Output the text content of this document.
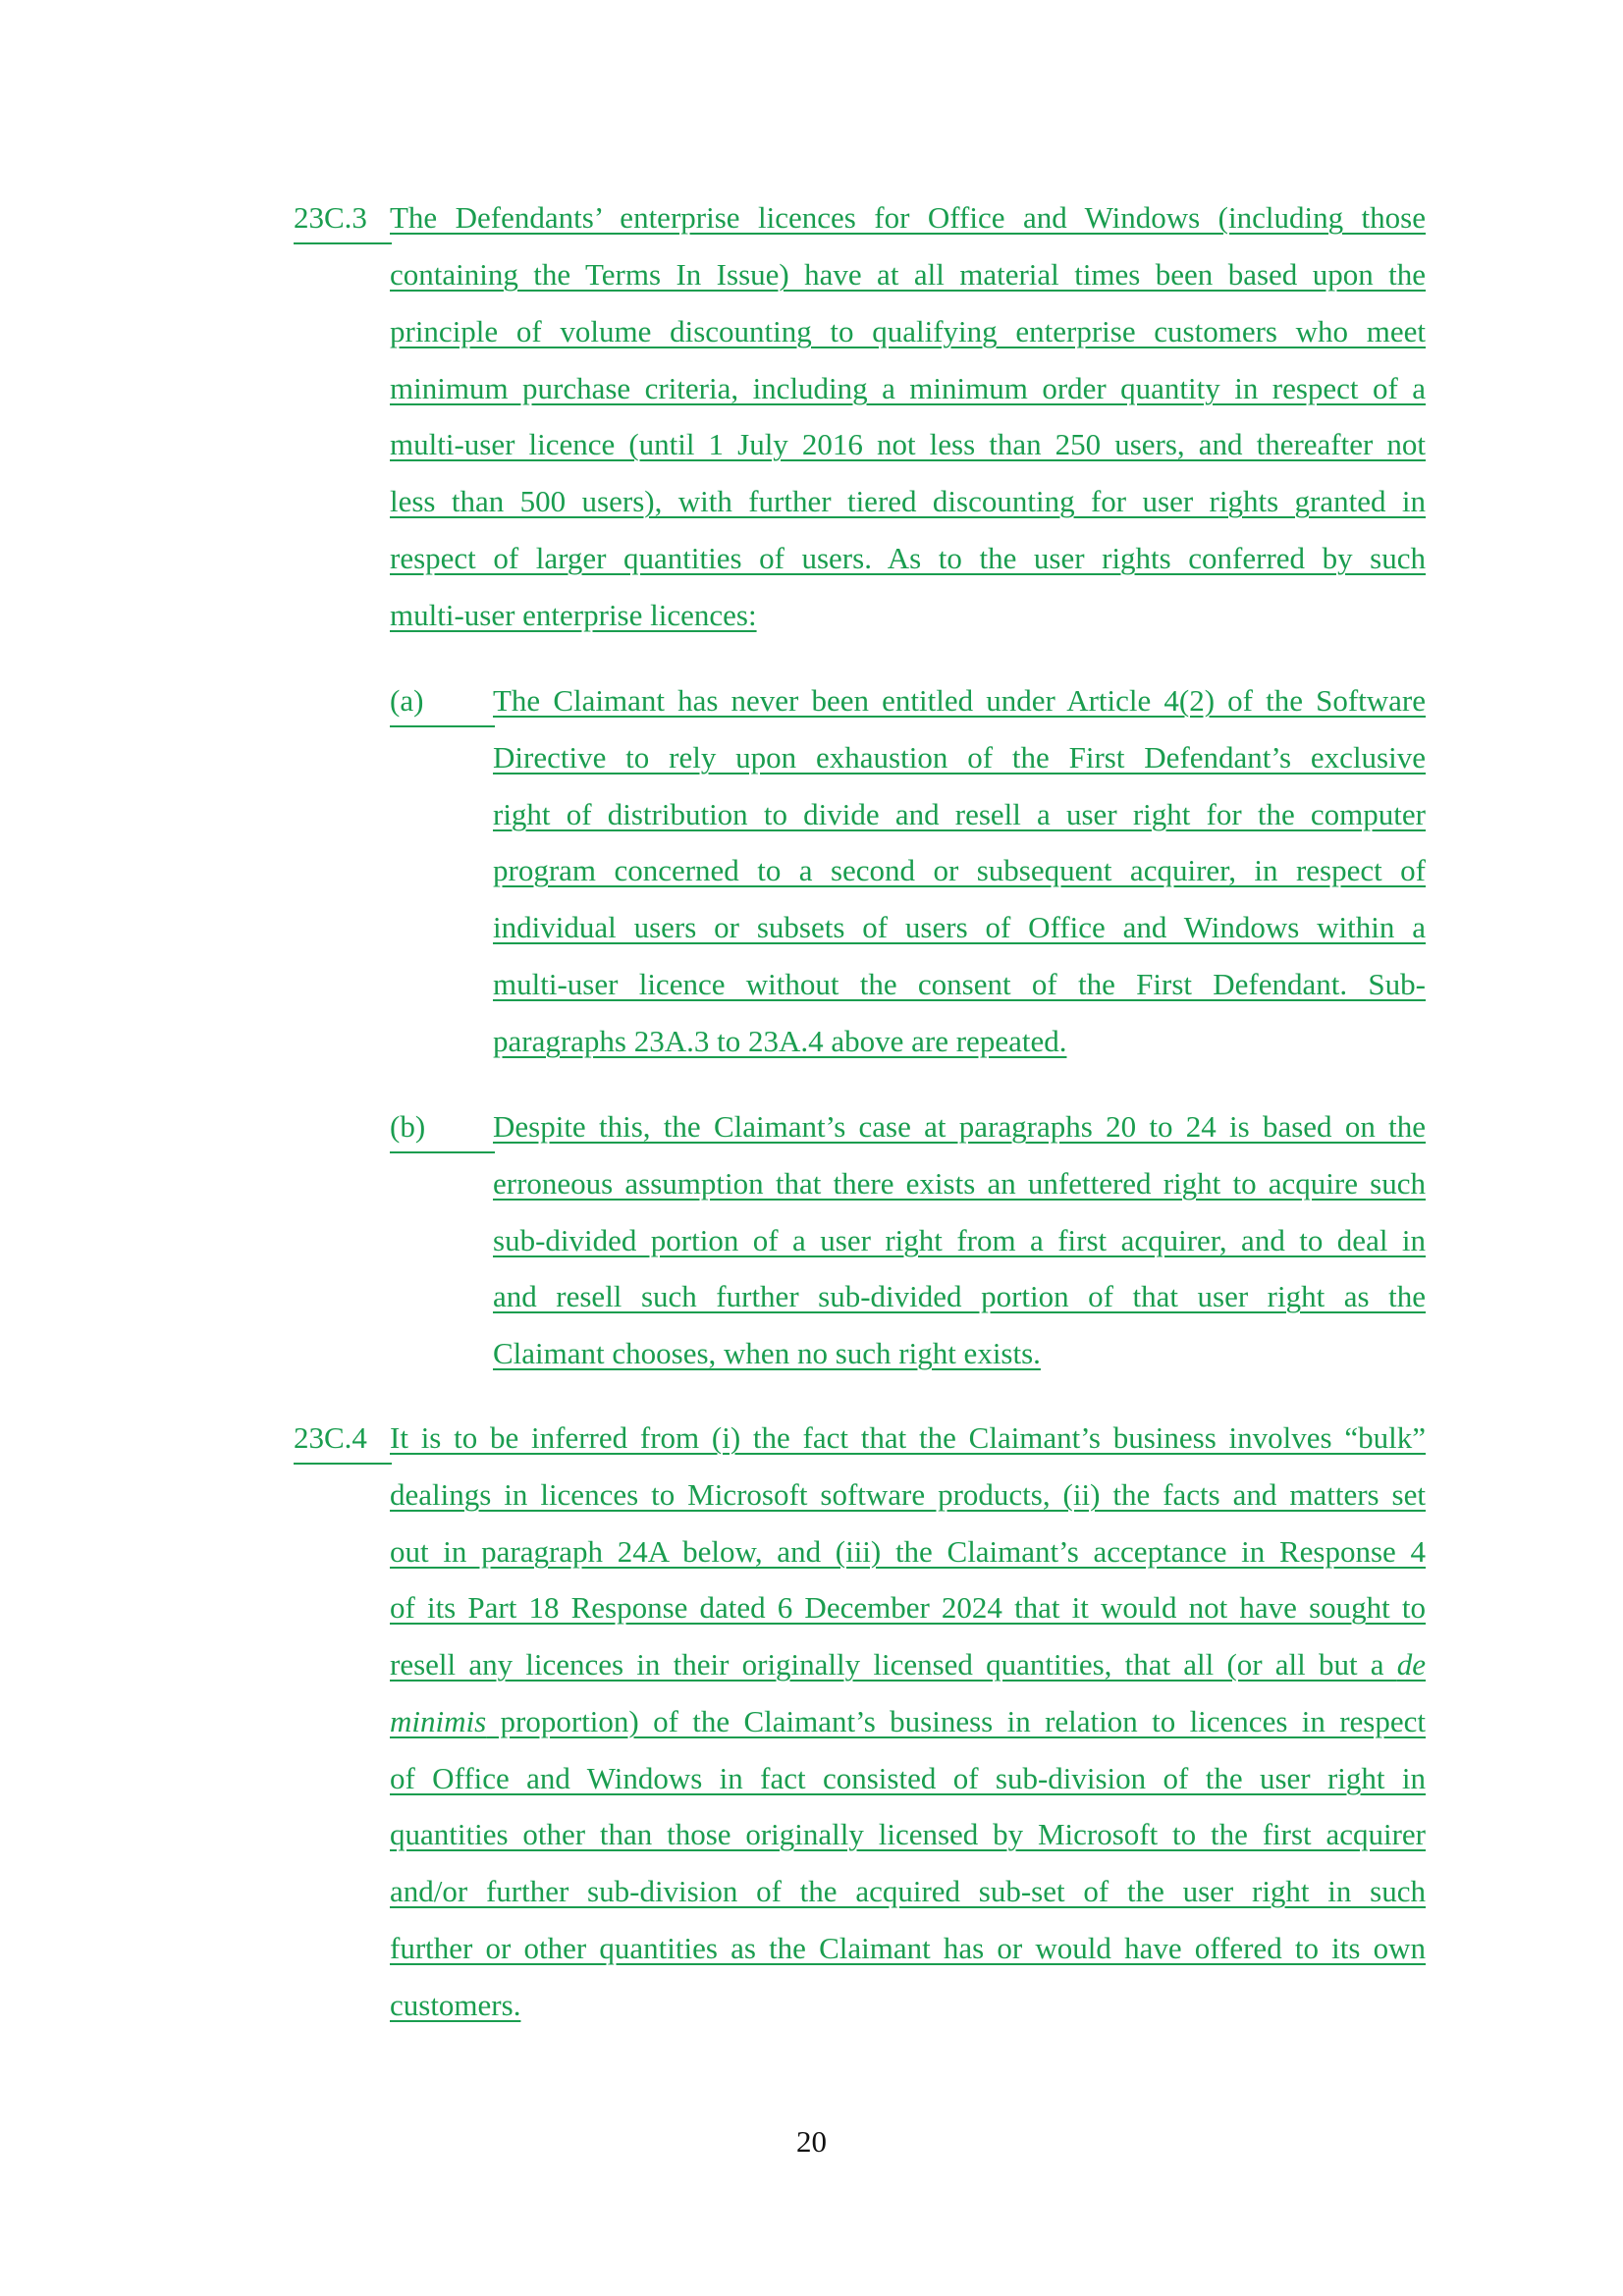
23C.3 The Defendants’ enterprise licences for Office and Windows (including those
containing the Terms In Issue) have at all material times been based upon the
principle of volume discounting to qualifying enterprise customers who meet
minimum purchase criteria, including a minimum order quantity in respect of a
multi-user licence (until 1 July 2016 not less than 250 users, and thereafter not
less than 500 users), with further tiered discounting for user rights granted in
respect of larger quantities of users. As to the user rights conferred by such
multi-user enterprise licences:
(a) The Claimant has never been entitled under Article 4(2) of the Software
Directive to rely upon exhaustion of the First Defendant’s exclusive
right of distribution to divide and resell a user right for the computer
program concerned to a second or subsequent acquirer, in respect of
individual users or subsets of users of Office and Windows within a
multi-user licence without the consent of the First Defendant. Sub-
paragraphs 23A.3 to 23A.4 above are repeated.
(b) Despite this, the Claimant’s case at paragraphs 20 to 24 is based on the
erroneous assumption that there exists an unfettered right to acquire such
sub-divided portion of a user right from a first acquirer, and to deal in
and resell such further sub-divided portion of that user right as the
Claimant chooses, when no such right exists.
23C.4 It is to be inferred from (i) the fact that the Claimant’s business involves “bulk”
dealings in licences to Microsoft software products, (ii) the facts and matters set
out in paragraph 24A below, and (iii) the Claimant’s acceptance in Response 4
of its Part 18 Response dated 6 December 2024 that it would not have sought to
resell any licences in their originally licensed quantities, that all (or all but a de
minimis proportion) of the Claimant’s business in relation to licences in respect
of Office and Windows in fact consisted of sub-division of the user right in
quantities other than those originally licensed by Microsoft to the first acquirer
and/or further sub-division of the acquired sub-set of the user right in such
further or other quantities as the Claimant has or would have offered to its own
customers.
20
